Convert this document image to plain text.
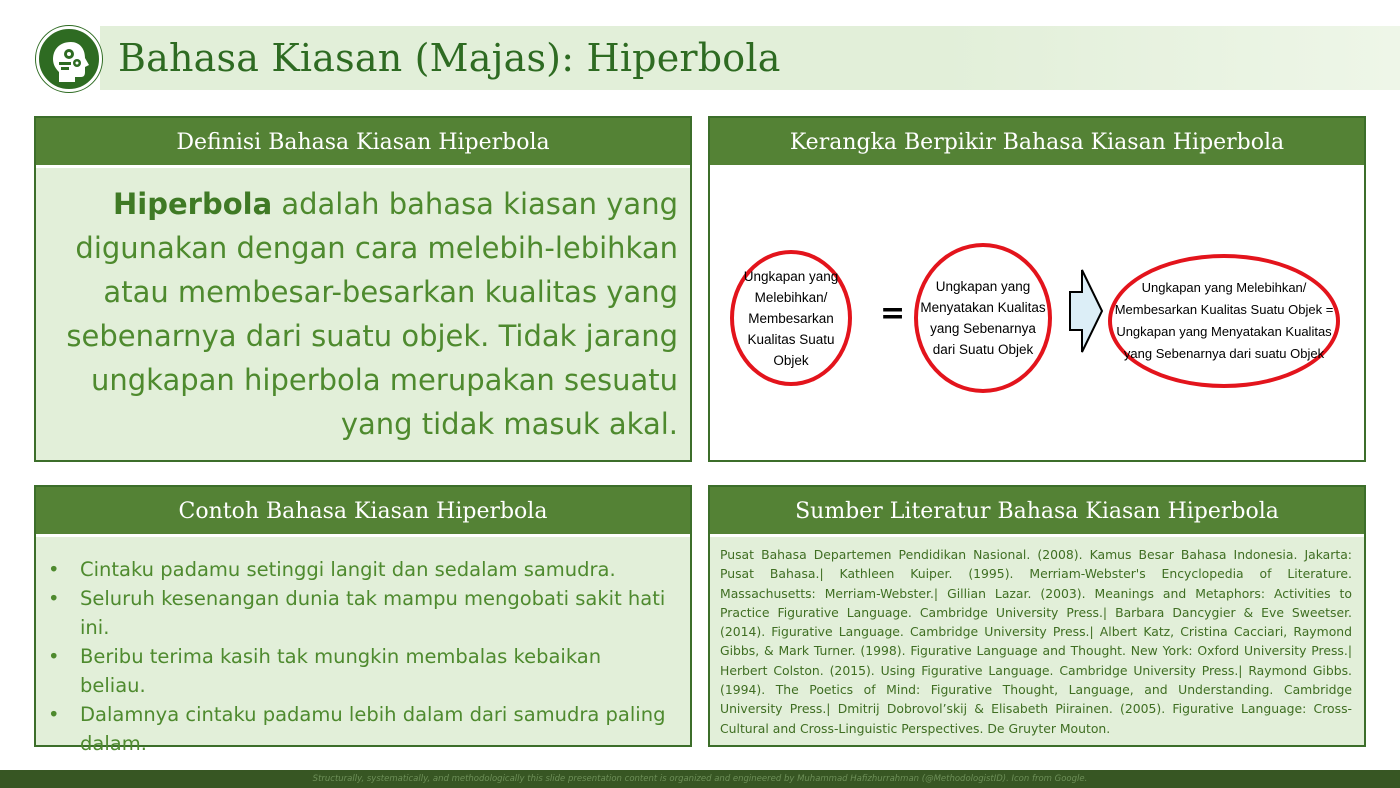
Bahasa Kiasan (Majas): Hiperbola
Definisi Bahasa Kiasan Hiperbola
Hiperbola adalah bahasa kiasan yang digunakan dengan cara melebih-lebihkan atau membesar-besarkan kualitas yang sebenarnya dari suatu objek. Tidak jarang ungkapan hiperbola merupakan sesuatu yang tidak masuk akal.
Kerangka Berpikir Bahasa Kiasan Hiperbola
Ungkapan yang Melebihkan/ Membesarkan Kualitas Suatu Objek
=
Ungkapan yang Menyatakan Kualitas yang Sebenarnya dari Suatu Objek
Ungkapan yang Melebihkan/ Membesarkan Kualitas Suatu Objek = Ungkapan yang Menyatakan Kualitas yang Sebenarnya dari suatu Objek
Contoh Bahasa Kiasan Hiperbola
• Cintaku padamu setinggi langit dan sedalam samudra.
• Seluruh kesenangan dunia tak mampu mengobati sakit hati ini.
• Beribu terima kasih tak mungkin membalas kebaikan beliau.
• Dalamnya cintaku padamu lebih dalam dari samudra paling dalam.
Sumber Literatur Bahasa Kiasan Hiperbola
Pusat Bahasa Departemen Pendidikan Nasional. (2008). Kamus Besar Bahasa Indonesia. Jakarta: Pusat Bahasa.| Kathleen Kuiper. (1995). Merriam-Webster's Encyclopedia of Literature. Massachusetts: Merriam-Webster.| Gillian Lazar. (2003). Meanings and Metaphors: Activities to Practice Figurative Language. Cambridge University Press.| Barbara Dancygier & Eve Sweetser. (2014). Figurative Language. Cambridge University Press.| Albert Katz, Cristina Cacciari, Raymond Gibbs, & Mark Turner. (1998). Figurative Language and Thought. New York: Oxford University Press.| Herbert Colston. (2015). Using Figurative Language. Cambridge University Press.| Raymond Gibbs. (1994). The Poetics of Mind: Figurative Thought, Language, and Understanding. Cambridge University Press.| Dmitrij Dobrovol’skij & Elisabeth Piirainen. (2005). Figurative Language: Cross-Cultural and Cross-Linguistic Perspectives. De Gruyter Mouton.
Structurally, systematically, and methodologically this slide presentation content is organized and engineered by Muhammad Hafizhurrahman (@MethodologistID). Icon from Google.
